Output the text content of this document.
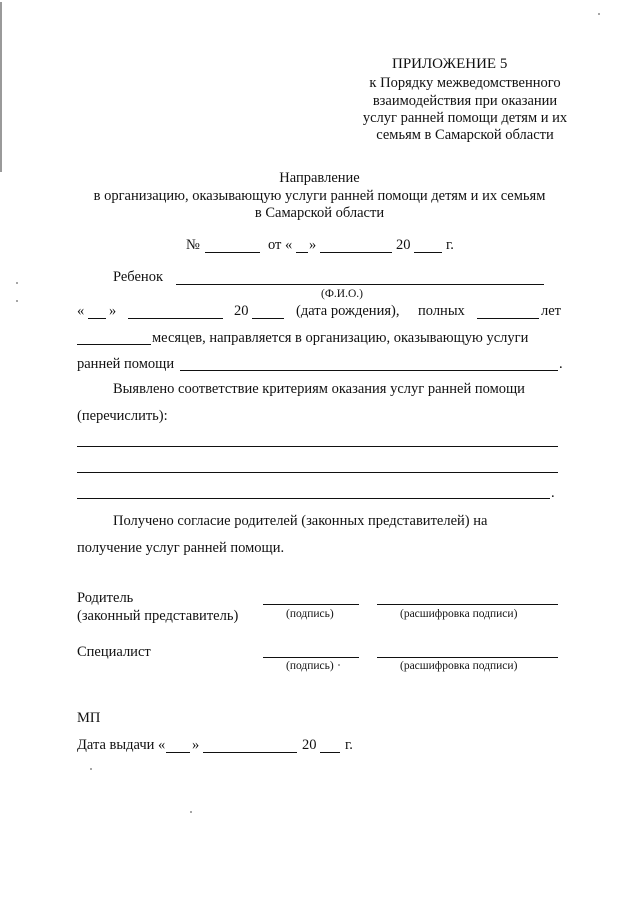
ПРИЛОЖЕНИЕ 5
к Порядку межведомственного
взаимодействия при оказании
услуг ранней помощи детям и их
семьям в Самарской области
Направление
в организацию, оказывающую услуги ранней помощи детям и их семьям
в Самарской области
№	от « »	20 г.
Ребенок
(Ф.И.О.)
« »	20	(дата рождения), полных	лет
месяцев, направляется в организацию, оказывающую услуги
ранней помощи	.
Выявлено соответствие критериям оказания услуг ранней помощи
(перечислить):
.
Получено согласие родителей (законных представителей) на
получение услуг ранней помощи.
Родитель
(законный представитель)	(подпись)	(расшифровка подписи)
Специалист
(подпись)	(расшифровка подписи)
МП
Дата выдачи « »	20 г.
